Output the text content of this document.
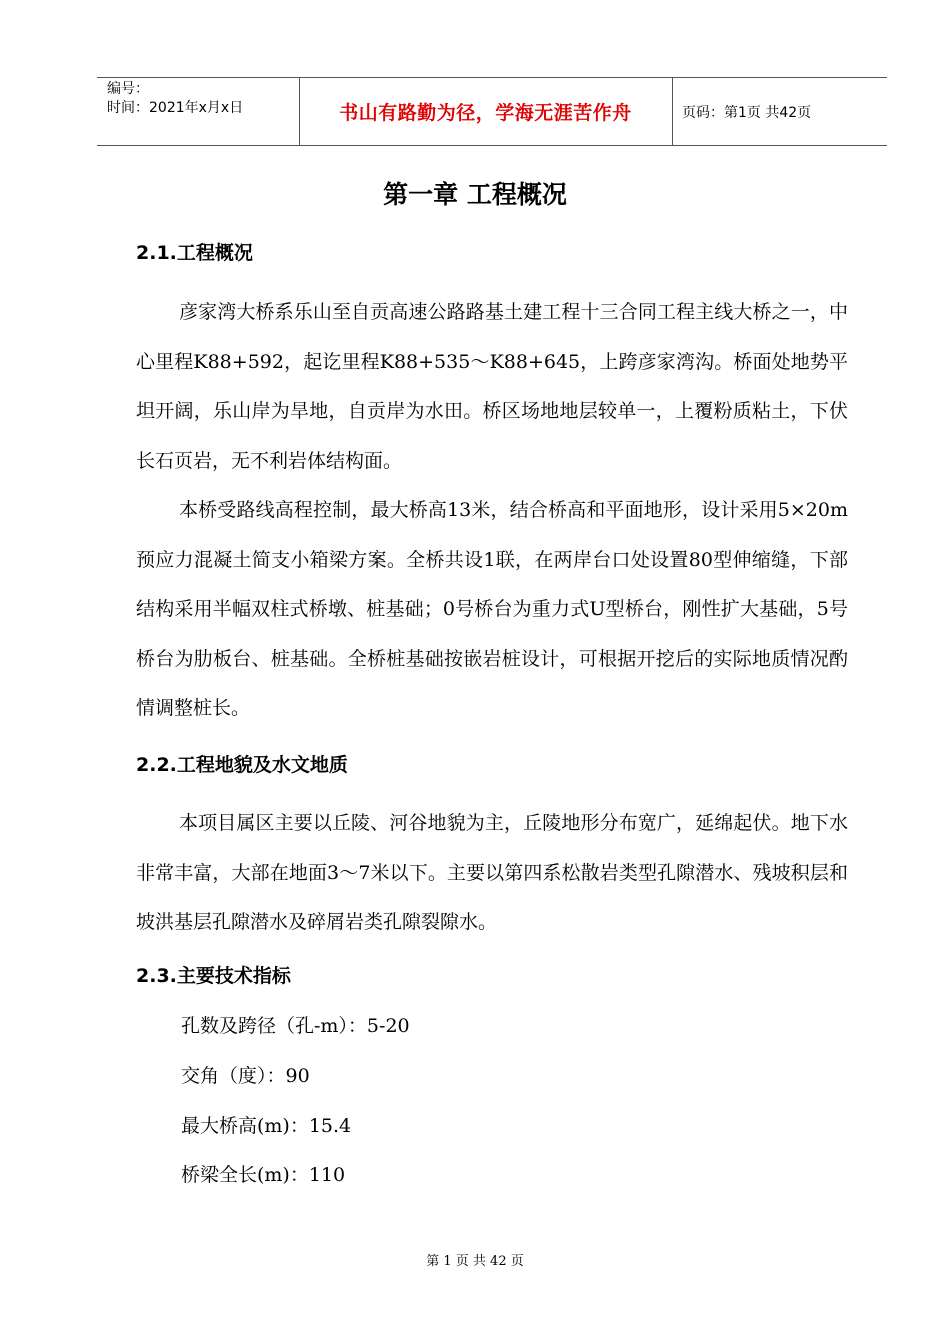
编号：
时间：2021年x月x日	书山有路勤为径，学海无涯苦作舟	页码：第1页 共42页
第一章 工程概况
2.1.工程概况

彦家湾大桥系乐山至自贡高速公路路基土建工程十三合同工程主线大桥之一，中心里程K88+592，起讫里程K88+535～K88+645，上跨彦家湾沟。桥面处地势平坦开阔，乐山岸为旱地，自贡岸为水田。桥区场地地层较单一，上覆粉质粘土，下伏长石页岩，无不利岩体结构面。

本桥受路线高程控制，最大桥高13米，结合桥高和平面地形，设计采用5×20m预应力混凝土简支小箱梁方案。全桥共设1联，在两岸台口处设置80型伸缩缝，下部结构采用半幅双柱式桥墩、桩基础；0号桥台为重力式U型桥台，刚性扩大基础，5号桥台为肋板台、桩基础。全桥桩基础按嵌岩桩设计，可根据开挖后的实际地质情况酌情调整桩长。

2.2.工程地貌及水文地质

本项目属区主要以丘陵、河谷地貌为主，丘陵地形分布宽广，延绵起伏。地下水非常丰富，大部在地面3～7米以下。主要以第四系松散岩类型孔隙潜水、残坡积层和坡洪基层孔隙潜水及碎屑岩类孔隙裂隙水。

2.3.主要技术指标
孔数及跨径（孔-m）：5-20
交角（度）：90
最大桥高(m)：15.4
桥梁全长(m)：110
第 1 页 共 42 页
